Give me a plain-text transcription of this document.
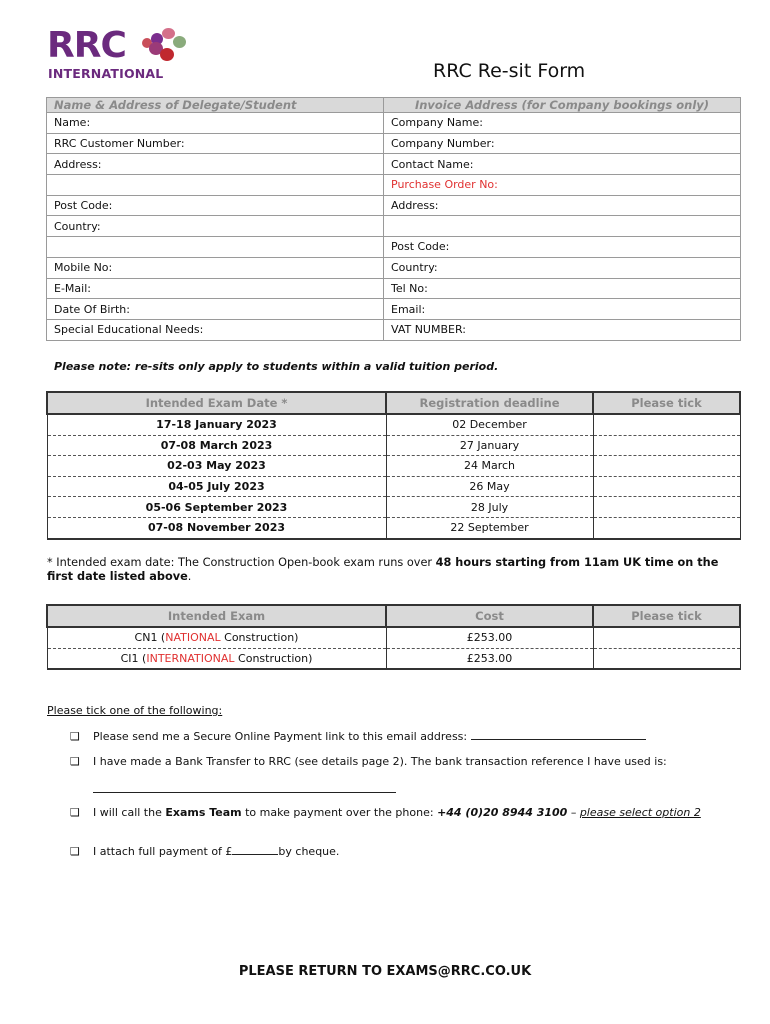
RRC
INTERNATIONAL	RRC Re-sit Form
Name & Address of Delegate/Student	Invoice Address (for Company bookings only)
Name:	Company Name:
RRC Customer Number:	Company Number:
Address:	Contact Name:
	Purchase Order No:
Post Code:	Address:
Country:	
	Post Code:
Mobile No:	Country:
E-Mail:	Tel No:
Date Of Birth:	Email:
Special Educational Needs:	VAT NUMBER:
Please note: re-sits only apply to students within a valid tuition period.
Intended Exam Date *	Registration deadline	Please tick
17-18 January 2023	02 December	
07-08 March 2023	27 January	
02-03 May 2023	24 March	
04-05 July 2023	26 May	
05-06 September 2023	28 July	
07-08 November 2023	22 September	
* Intended exam date: The Construction Open-book exam runs over 48 hours starting from 11am UK time on the first date listed above.
Intended Exam	Cost	Please tick
CN1 (NATIONAL Construction)	£253.00	
CI1 (INTERNATIONAL Construction)	£253.00	
Please tick one of the following:
❑ Please send me a Secure Online Payment link to this email address:
❑ I have made a Bank Transfer to RRC (see details page 2). The bank transaction reference I have used is:
❑ I will call the Exams Team to make payment over the phone: +44 (0)20 8944 3100 – please select option 2
❑ I attach full payment of £	by cheque.
PLEASE RETURN TO EXAMS@RRC.CO.UK
